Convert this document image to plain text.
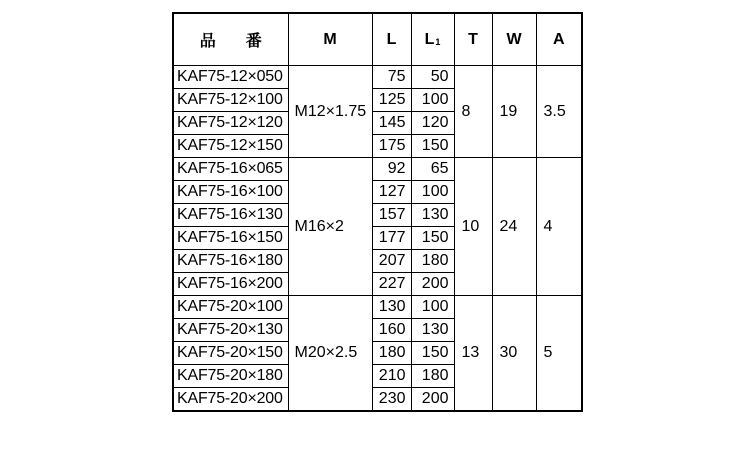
品 番	M	L	$L_1$	T	W	A
KAF75-12×050	M12×1.75	75	50	8	19	3.5
KAF75-12×100		125	100			
KAF75-12×120		145	120			
KAF75-12×150		175	150			
KAF75-16×065	M16×2	92	65	10	24	4
KAF75-16×100		127	100			
KAF75-16×130		157	130			
KAF75-16×150		177	150			
KAF75-16×180		207	180			
KAF75-16×200		227	200			
KAF75-20×100	M20×2.5	130	100	13	30	5
KAF75-20×130		160	130			
KAF75-20×150		180	150			
KAF75-20×180		210	180			
KAF75-20×200		230	200			
